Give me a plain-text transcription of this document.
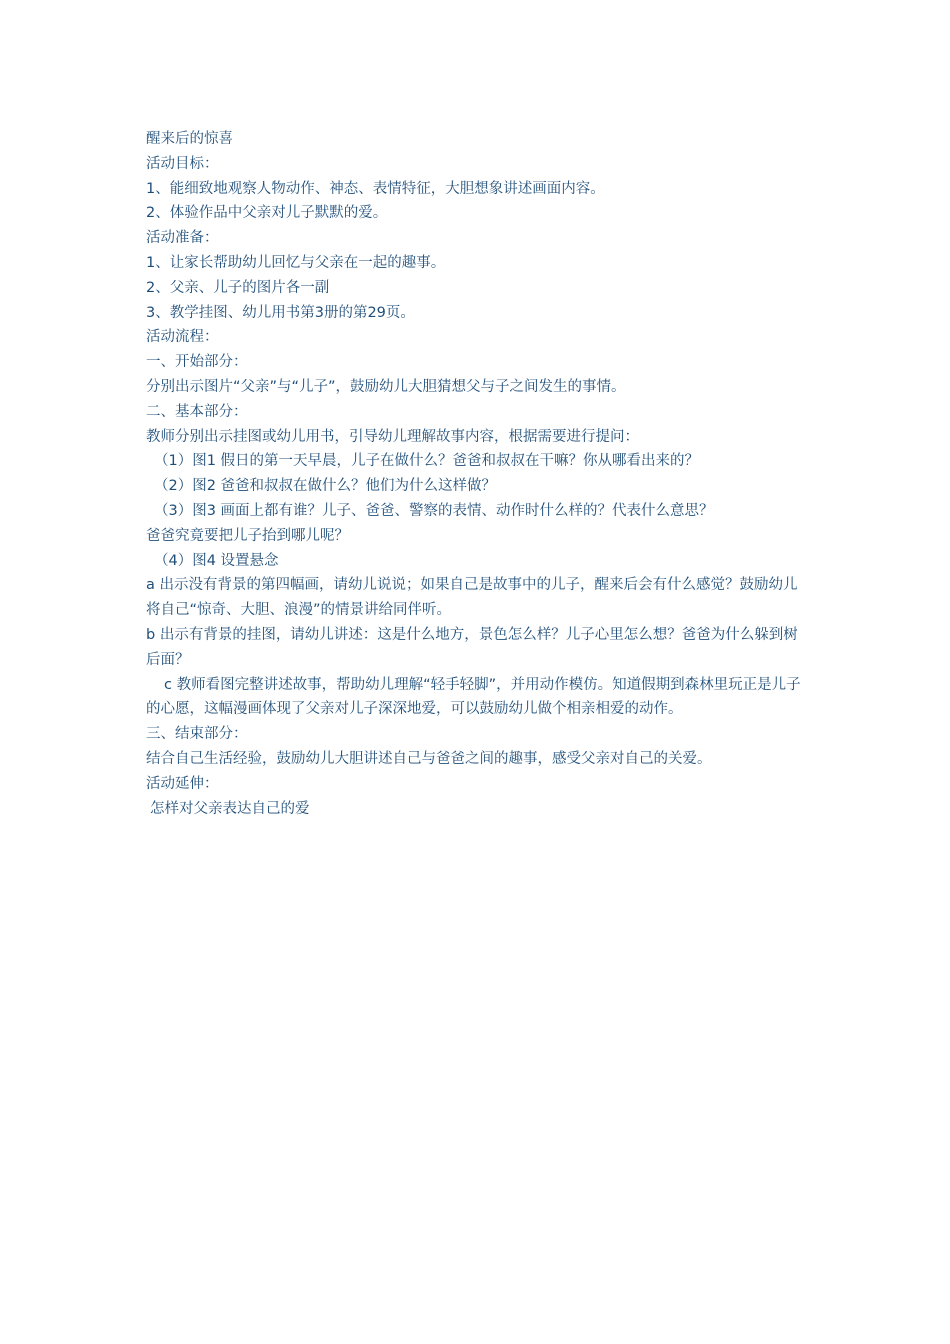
醒来后的惊喜

活动目标：

1、能细致地观察人物动作、神态、表情特征，大胆想象讲述画面内容。

2、体验作品中父亲对儿子默默的爱。

活动准备：

1、让家长帮助幼儿回忆与父亲在一起的趣事。

2、父亲、儿子的图片各一副

3、教学挂图、幼儿用书第3册的第29页。

活动流程：

一、开始部分：

分别出示图片“父亲”与“儿子”，鼓励幼儿大胆猜想父与子之间发生的事情。

二、基本部分：

教师分别出示挂图或幼儿用书，引导幼儿理解故事内容，根据需要进行提问：

（1）图1 假日的第一天早晨，儿子在做什么？爸爸和叔叔在干嘛？你从哪看出来的？

（2）图2 爸爸和叔叔在做什么？他们为什么这样做？

（3）图3 画面上都有谁？儿子、爸爸、警察的表情、动作时什么样的？代表什么意思？

爸爸究竟要把儿子抬到哪儿呢？

（4）图4 设置悬念

a 出示没有背景的第四幅画，请幼儿说说；如果自己是故事中的儿子，醒来后会有什么感觉？鼓励幼儿将自己“惊奇、大胆、浪漫”的情景讲给同伴听。

b 出示有背景的挂图，请幼儿讲述：这是什么地方，景色怎么样？儿子心里怎么想？爸爸为什么躲到树后面？

c 教师看图完整讲述故事，帮助幼儿理解“轻手轻脚”，并用动作模仿。知道假期到森林里玩正是儿子的心愿，这幅漫画体现了父亲对儿子深深地爱，可以鼓励幼儿做个相亲相爱的动作。

三、结束部分：

结合自己生活经验，鼓励幼儿大胆讲述自己与爸爸之间的趣事，感受父亲对自己的关爱。

活动延伸：

怎样对父亲表达自己的爱
